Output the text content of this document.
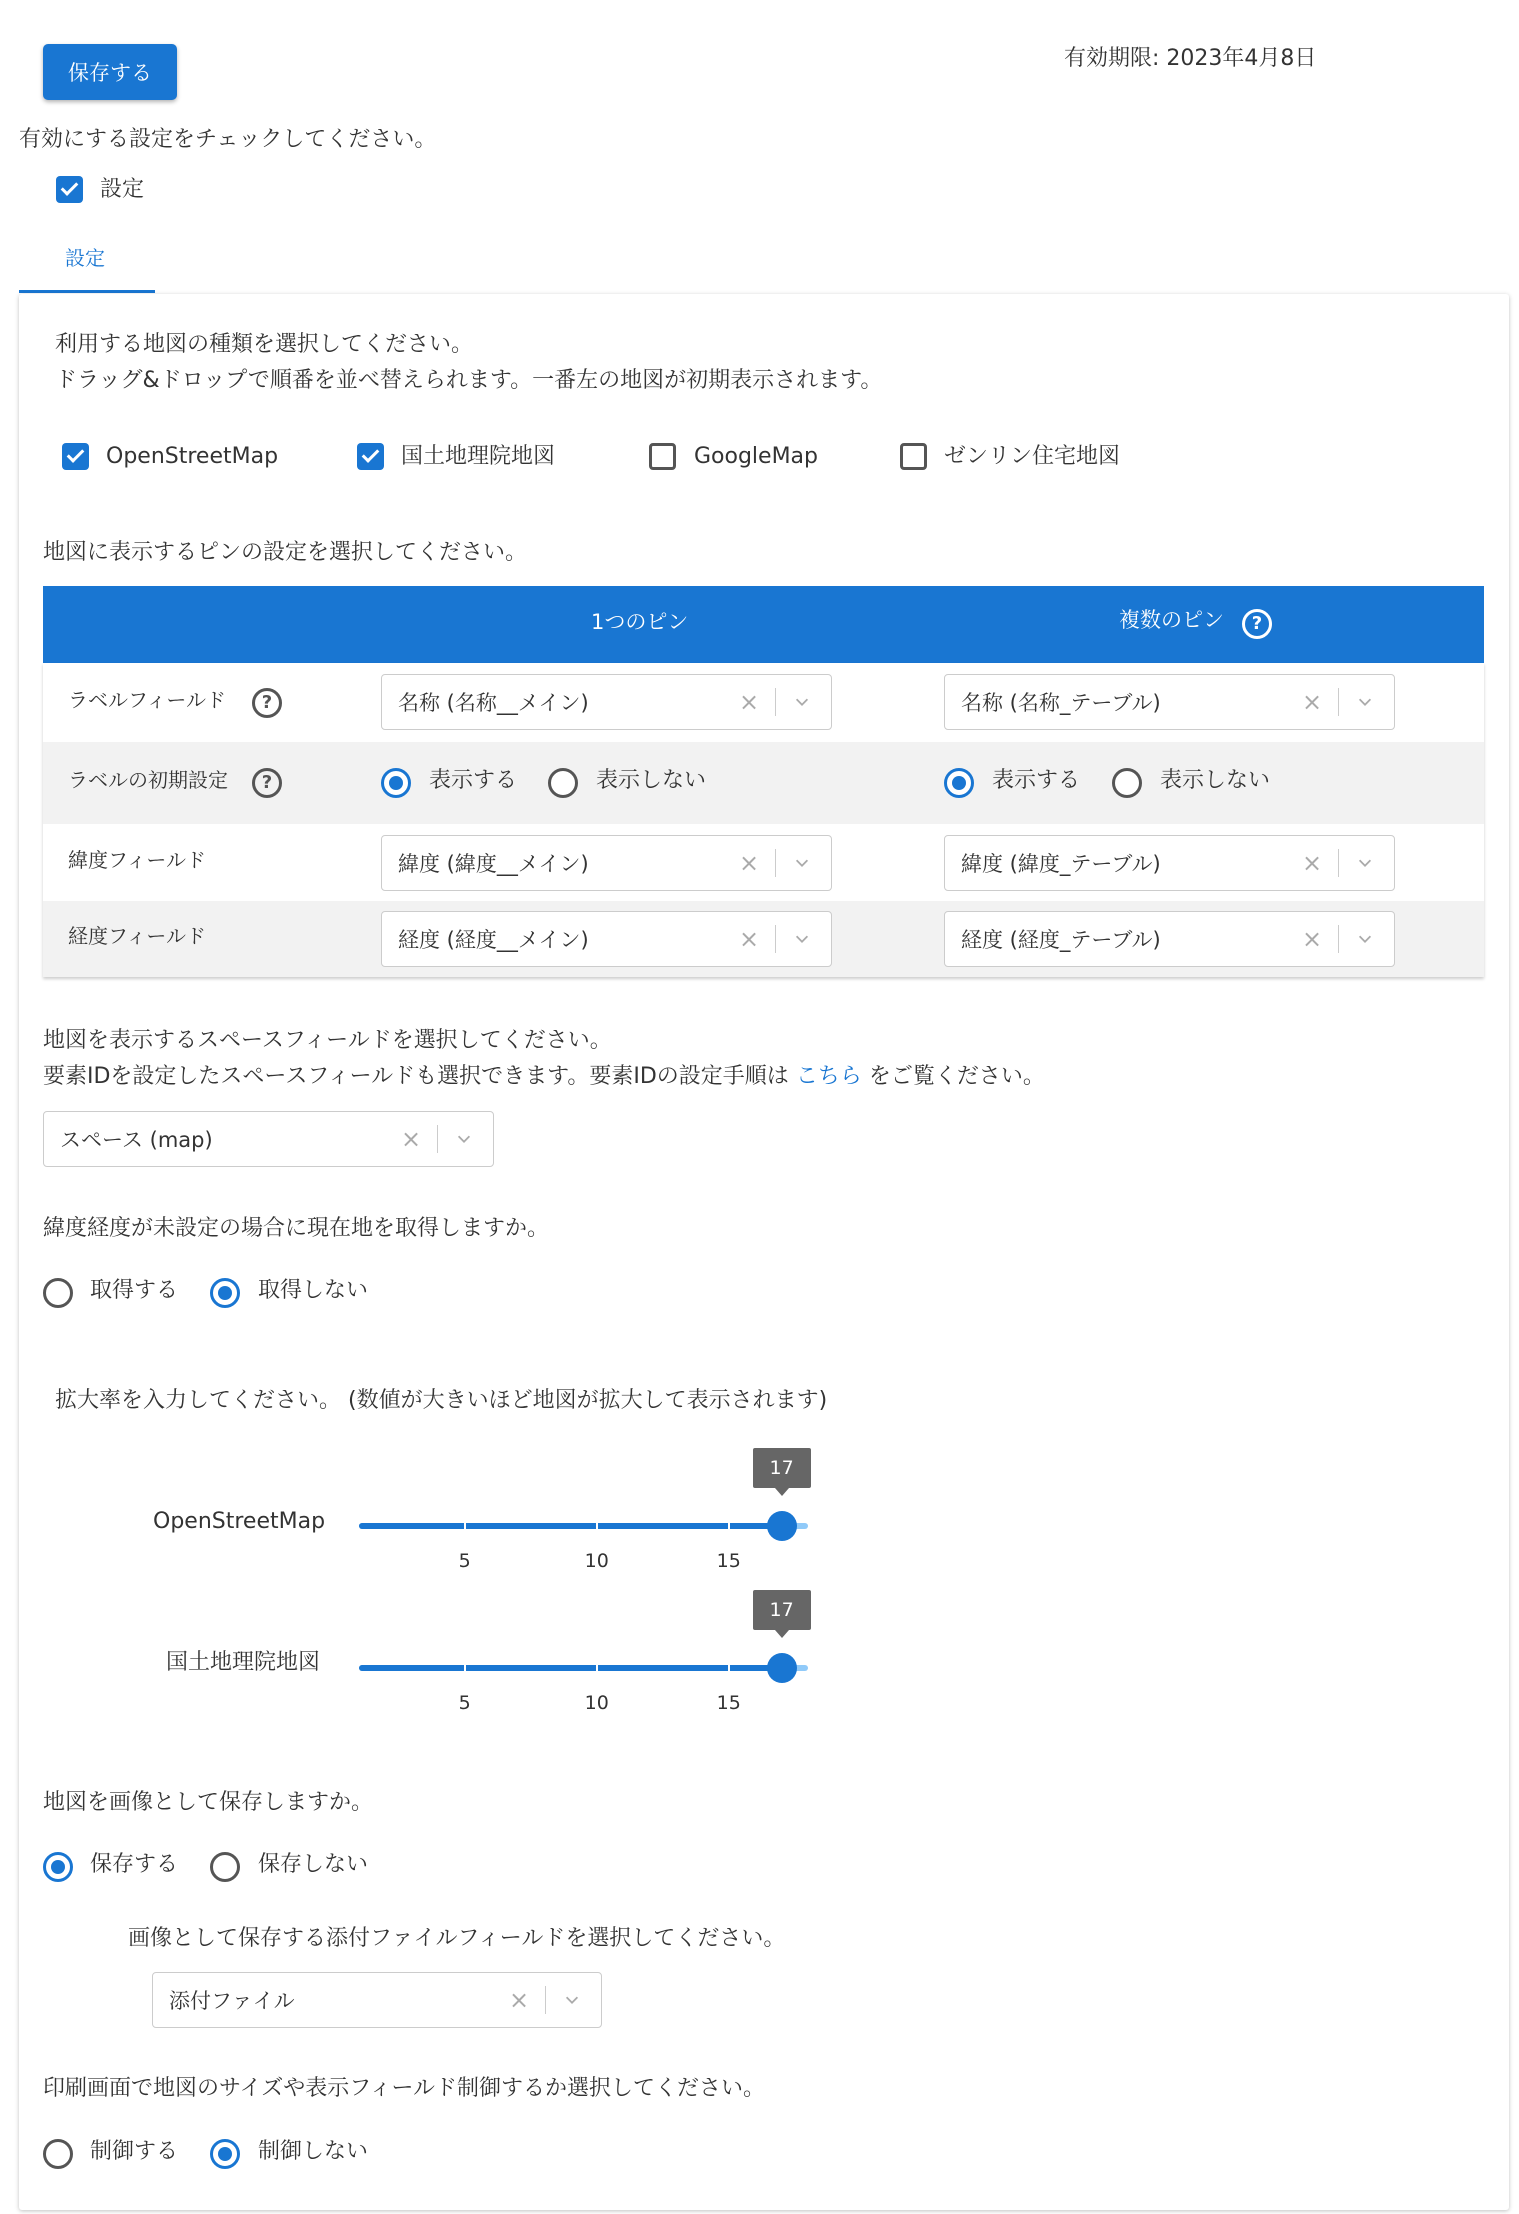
保存する
有効期限: 2023年4月8日
有効にする設定をチェックしてください。
設定
設定
利用する地図の種類を選択してください。
ドラッグ&ドロップで順番を並べ替えられます。一番左の地図が初期表示されます。
OpenStreetMap	国土地理院地図	GoogleMap	ゼンリン住宅地図
地図に表示するピンの設定を選択してください。
1つのピン	複数のピン	?
ラベルフィールド	?	名称 (名称__メイン)	×	名称 (名称_テーブル)	×
ラベルの初期設定	?	表示する	表示しない	表示する	表示しない
緯度フィールド	緯度 (緯度__メイン)	×	緯度 (緯度_テーブル)	×
経度フィールド	経度 (経度__メイン)	×	経度 (経度_テーブル)	×
地図を表示するスペースフィールドを選択してください。
要素IDを設定したスペースフィールドも選択できます。要素IDの設定手順は こちら をご覧ください。
スペース (map)	×
緯度経度が未設定の場合に現在地を取得しますか。
取得する	取得しない
拡大率を入力してください。 (数値が大きいほど地図が拡大して表示されます)
OpenStreetMap
17
5	10	15
国土地理院地図
17
5	10	15
地図を画像として保存しますか。
保存する	保存しない
画像として保存する添付ファイルフィールドを選択してください。
添付ファイル	×
印刷画面で地図のサイズや表示フィールド制御するか選択してください。
制御する	制御しない
